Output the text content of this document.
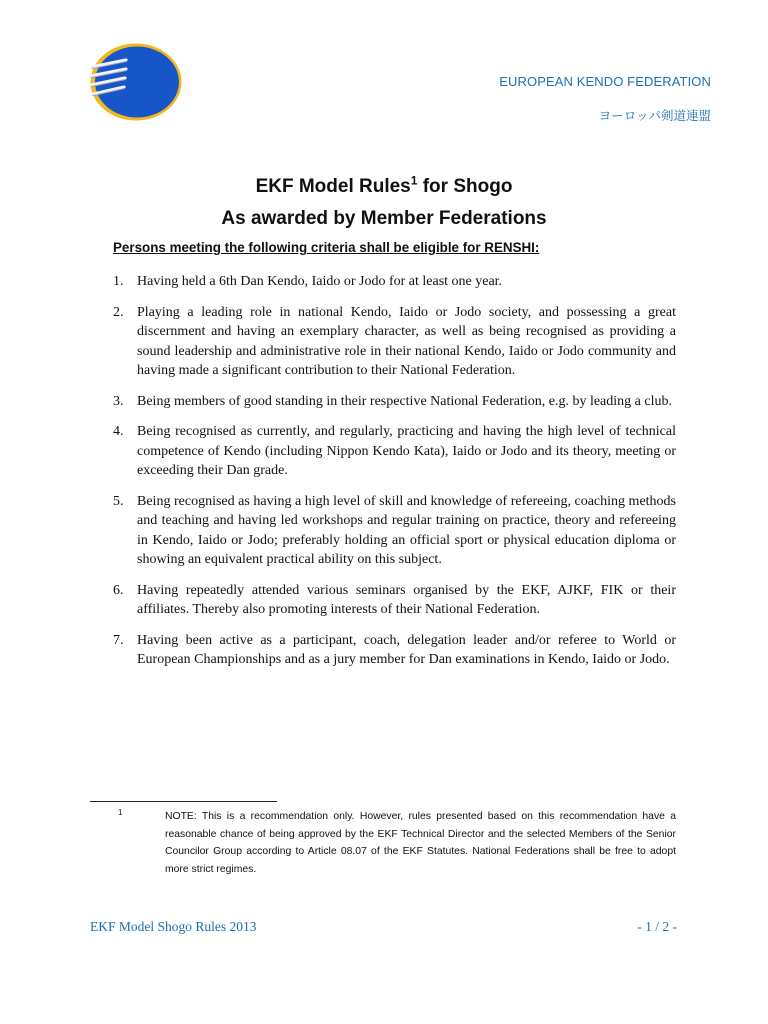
EUROPEAN KENDO FEDERATION
ヨーロッパ剣道連盟
EKF Model Rules$^1$ for Shogo
As awarded by Member Federations
Persons meeting the following criteria shall be eligible for RENSHI:
1. Having held a 6th Dan Kendo, Iaido or Jodo for at least one year.
2. Playing a leading role in national Kendo, Iaido or Jodo society, and possessing a great discernment and having an exemplary character, as well as being recognised as providing a sound leadership and administrative role in their national Kendo, Iaido or Jodo community and having made a significant contribution to their National Federation.
3. Being members of good standing in their respective National Federation, e.g. by leading a club.
4. Being recognised as currently, and regularly, practicing and having the high level of technical competence of Kendo (including Nippon Kendo Kata), Iaido or Jodo and its theory, meeting or exceeding their Dan grade.
5. Being recognised as having a high level of skill and knowledge of refereeing, coaching methods and teaching and having led workshops and regular training on practice, theory and refereeing in Kendo, Iaido or Jodo; preferably holding an official sport or physical education diploma or showing an equivalent practical ability on this subject.
6. Having repeatedly attended various seminars organised by the EKF, AJKF, FIK or their affiliates. Thereby also promoting interests of their National Federation.
7. Having been active as a participant, coach, delegation leader and/or referee to World or European Championships and as a jury member for Dan examinations in Kendo, Iaido or Jodo.
1	NOTE: This is a recommendation only. However, rules presented based on this recommendation have a reasonable chance of being approved by the EKF Technical Director and the selected Members of the Senior Councilor Group according to Article 08.07 of the EKF Statutes. National Federations shall be free to adopt more strict regimes.
EKF Model Shogo Rules 2013	- 1 / 2 -
